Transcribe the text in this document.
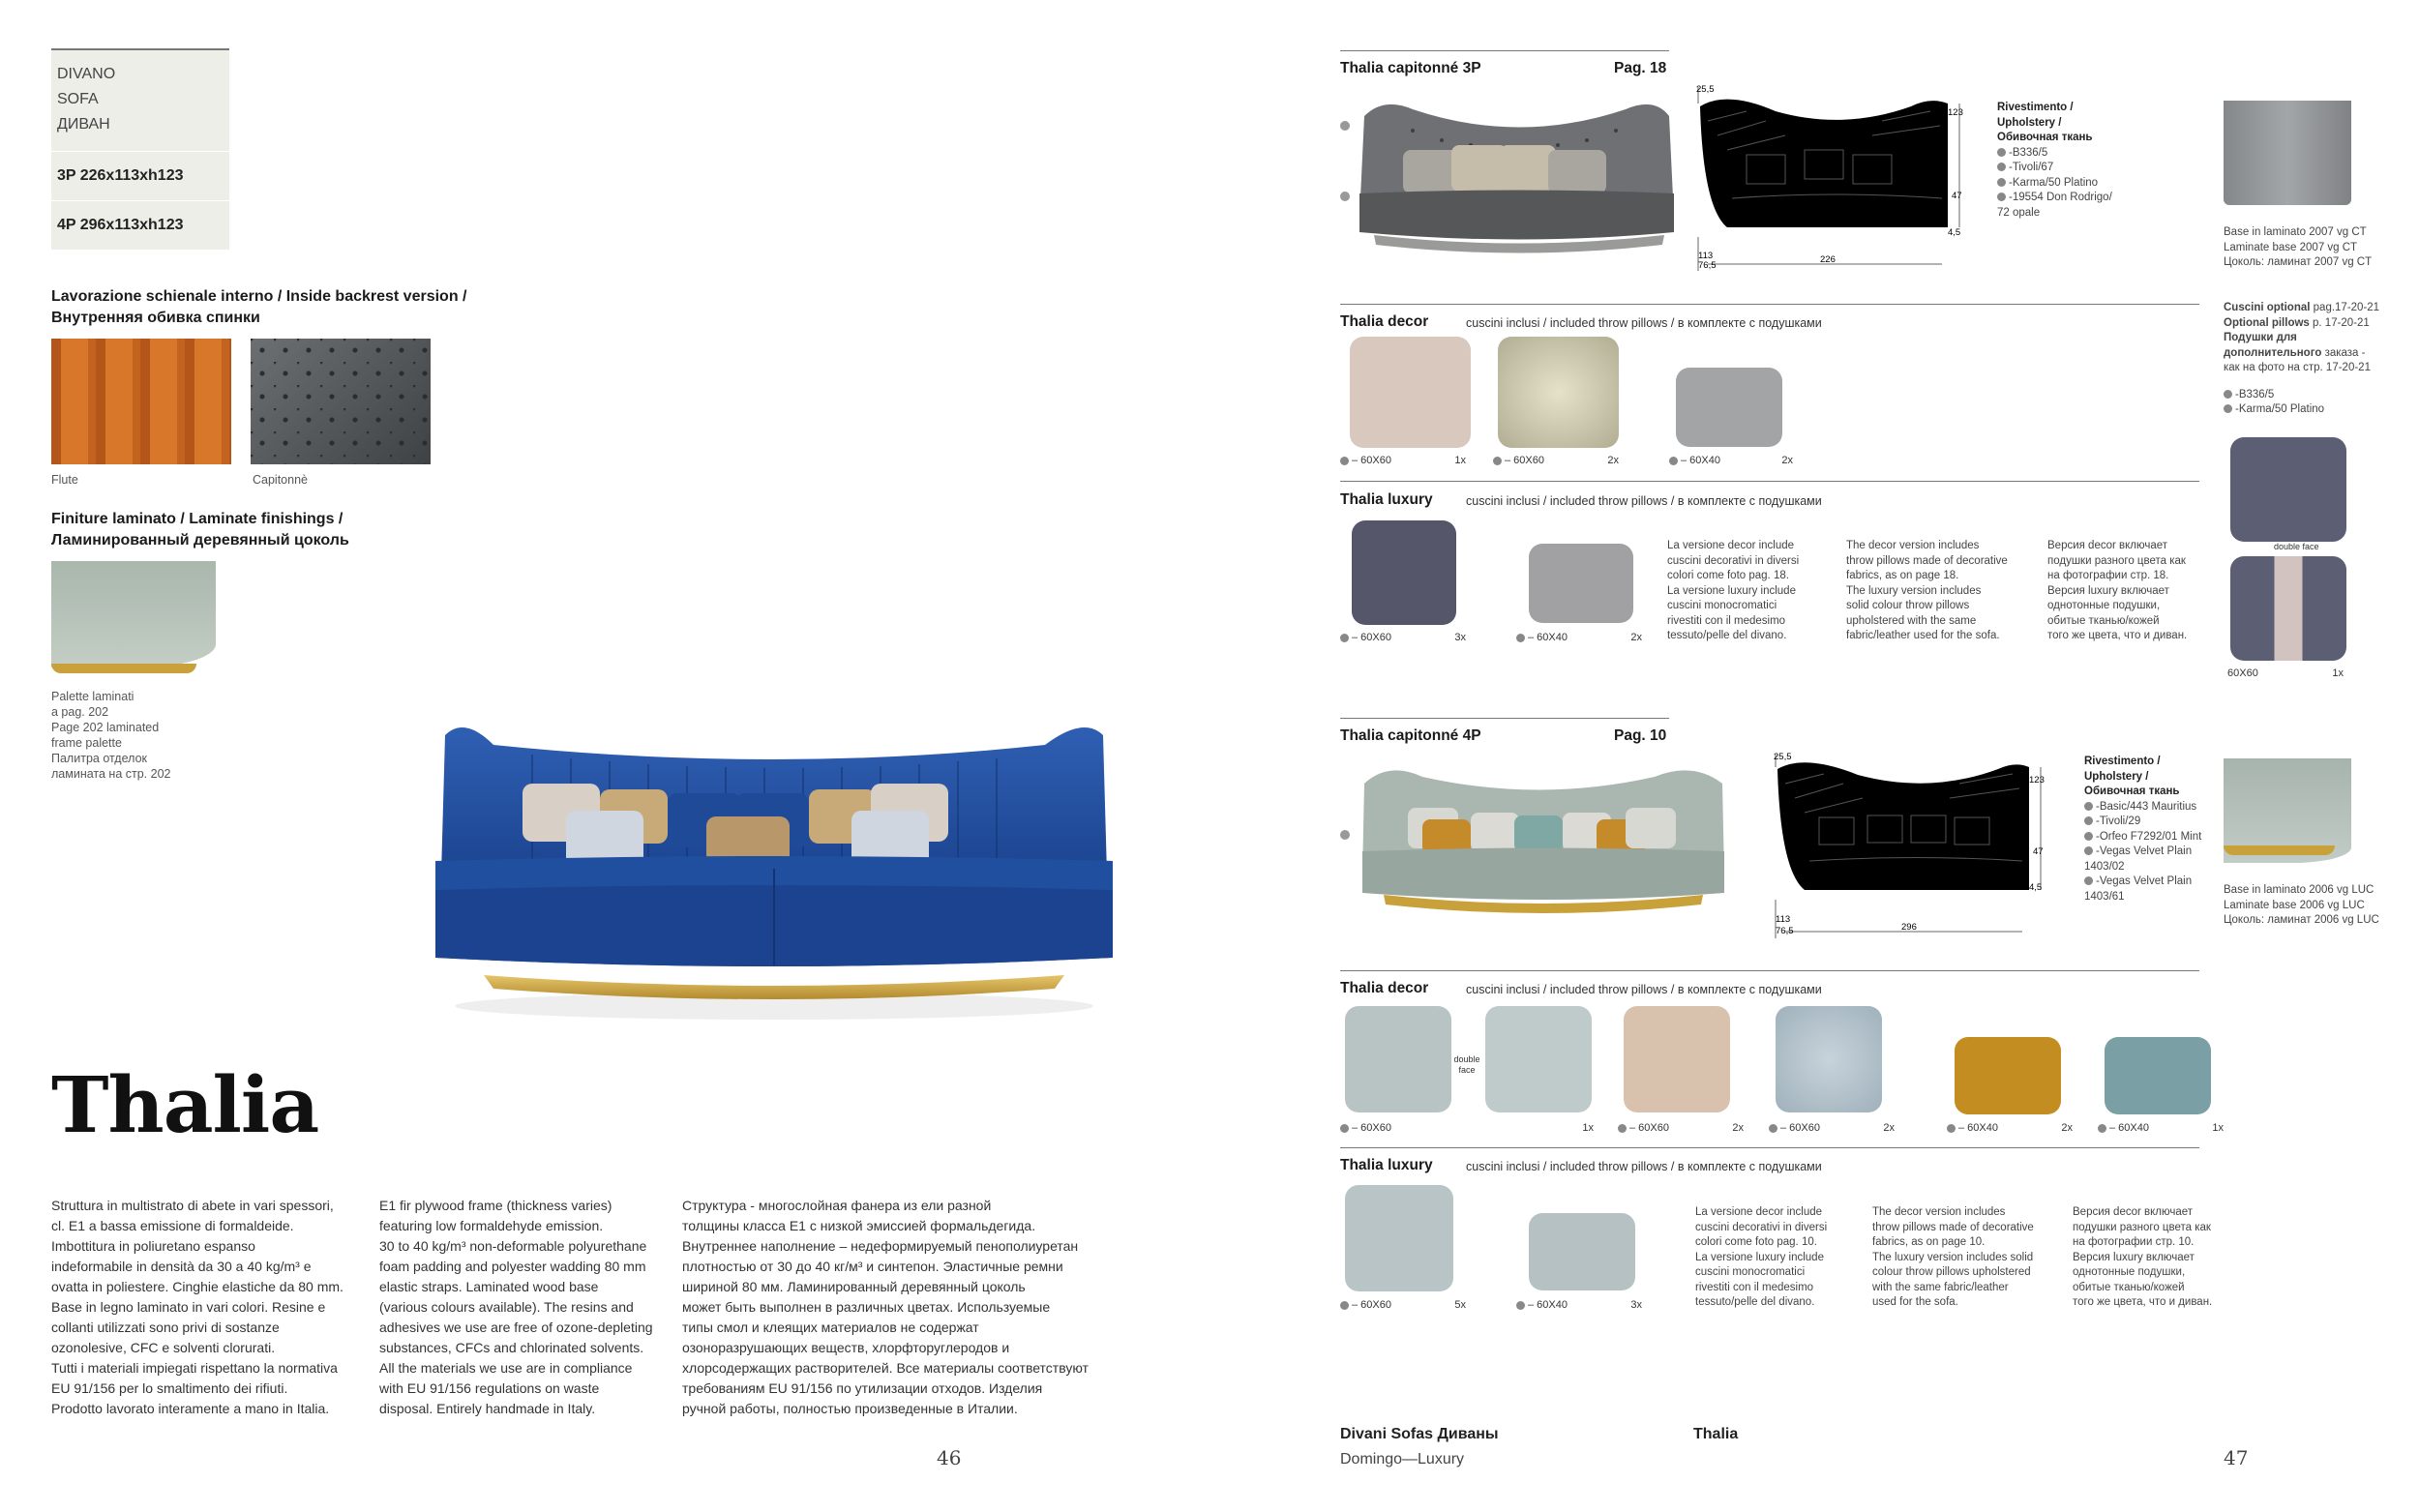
DIVANO
SOFA
ДИВАН
3P 226x113xh123
4P 296x113xh123
Lavorazione schienale interno / Inside backrest version /
Внутренняя обивка спинки
Flute	Capitonnè
Finiture laminato / Laminate finishings /
Ламинированный деревянный цоколь
Palette laminati
a pag. 202
Page 202 laminated
frame palette
Палитра отделок
ламината на стр. 202
Thalia
Struttura in multistrato di abete in vari spessori,
cl. E1 a bassa emissione di formaldeide.
Imbottitura in poliuretano espanso
indeformabile in densità da 30 a 40 kg/m³ e
ovatta in poliestere. Cinghie elastiche da 80 mm.
Base in legno laminato in vari colori. Resine e
collanti utilizzati sono privi di sostanze
ozonolesive, CFC e solventi clorurati.
Tutti i materiali impiegati rispettano la normativa
EU 91/156 per lo smaltimento dei rifiuti.
Prodotto lavorato interamente a mano in Italia.
E1 fir plywood frame (thickness varies)
featuring low formaldehyde emission.
30 to 40 kg/m³ non-deformable polyurethane
foam padding and polyester wadding 80 mm
elastic straps. Laminated wood base
(various colours available). The resins and
adhesives we use are free of ozone-depleting
substances, CFCs and chlorinated solvents.
All the materials we use are in compliance
with EU 91/156 regulations on waste
disposal. Entirely handmade in Italy.
Структура - многослойная фанера из ели разной
толщины класса E1 с низкой эмиссией формальдегида.
Внутреннее наполнение – недеформируемый пенополиуретан
плотностью от 30 до 40 кг/м³ и синтепон. Эластичные ремни
шириной 80 мм. Ламинированный деревянный цоколь
может быть выполнен в различных цветах. Используемые
типы смол и клеящих материалов не содержат
озоноразрушающих веществ, хлорфторуглеродов и
хлорсодержащих растворителей. Все материалы соответствуют
требованиям EU 91/156 по утилизации отходов. Изделия
ручной работы, полностью произведенные в Италии.
46
Thalia capitonné 3P	Pag. 18
25,5
123
47
4,5
113
76,5
226
Rivestimento /
Upholstery /
Обивочная ткань
-B336/5
-Tivoli/67
-Karma/50 Platino
-19554 Don Rodrigo/
72 opale
Base in laminato 2007 vg CT
Laminate base 2007 vg CT
Цоколь: ламинат 2007 vg CT
Thalia decor	cuscini inclusi / included throw pillows / в комплекте с подушками
– 60X60	1x	– 60X60	2x	– 60X40	2x
Cuscini optional pag.17-20-21
Optional pillows p. 17-20-21
Подушки для
дополнительного заказа -
как на фото на стр. 17-20-21
-B336/5
-Karma/50 Platino
double face
60X60	1x
Thalia luxury	cuscini inclusi / included throw pillows / в комплекте с подушками
– 60X60	3x	– 60X40	2x
La versione decor include
cuscini decorativi in diversi
colori come foto pag. 18.
La versione luxury include
cuscini monocromatici
rivestiti con il medesimo
tessuto/pelle del divano.
The decor version includes
throw pillows made of decorative
fabrics, as on page 18.
The luxury version includes
solid colour throw pillows
upholstered with the same
fabric/leather used for the sofa.
Версия decor включает
подушки разного цвета как
на фотографии стр. 18.
Версия luxury включает
однотонные подушки,
обитые тканью/кожей
того же цвета, что и диван.
Thalia capitonné 4P	Pag. 10
25,5
123
47
4,5
113
76,5	296
Rivestimento /
Upholstery /
Обивочная ткань
-Basic/443 Mauritius
-Tivoli/29
-Orfeo F7292/01 Mint
-Vegas Velvet Plain
1403/02
-Vegas Velvet Plain
1403/61
Base in laminato 2006 vg LUC
Laminate base 2006 vg LUC
Цоколь: ламинат 2006 vg LUC
Thalia decor	cuscini inclusi / included throw pillows / в комплекте с подушками
double
face
– 60X60	1x	– 60X60	2x	– 60X60	2x	– 60X40	2x	– 60X40	1x
Thalia luxury	cuscini inclusi / included throw pillows / в комплекте с подушками
– 60X60	5x	– 60X40	3x
La versione decor include
cuscini decorativi in diversi
colori come foto pag. 10.
La versione luxury include
cuscini monocromatici
rivestiti con il medesimo
tessuto/pelle del divano.
The decor version includes
throw pillows made of decorative
fabrics, as on page 10.
The luxury version includes solid
colour throw pillows upholstered
with the same fabric/leather
used for the sofa.
Версия decor включает
подушки разного цвета как
на фотографии стр. 10.
Версия luxury включает
однотонные подушки,
обитые тканью/кожей
того же цвета, что и диван.
Divani Sofas Диваны
Domingo—Luxury
Thalia
47
